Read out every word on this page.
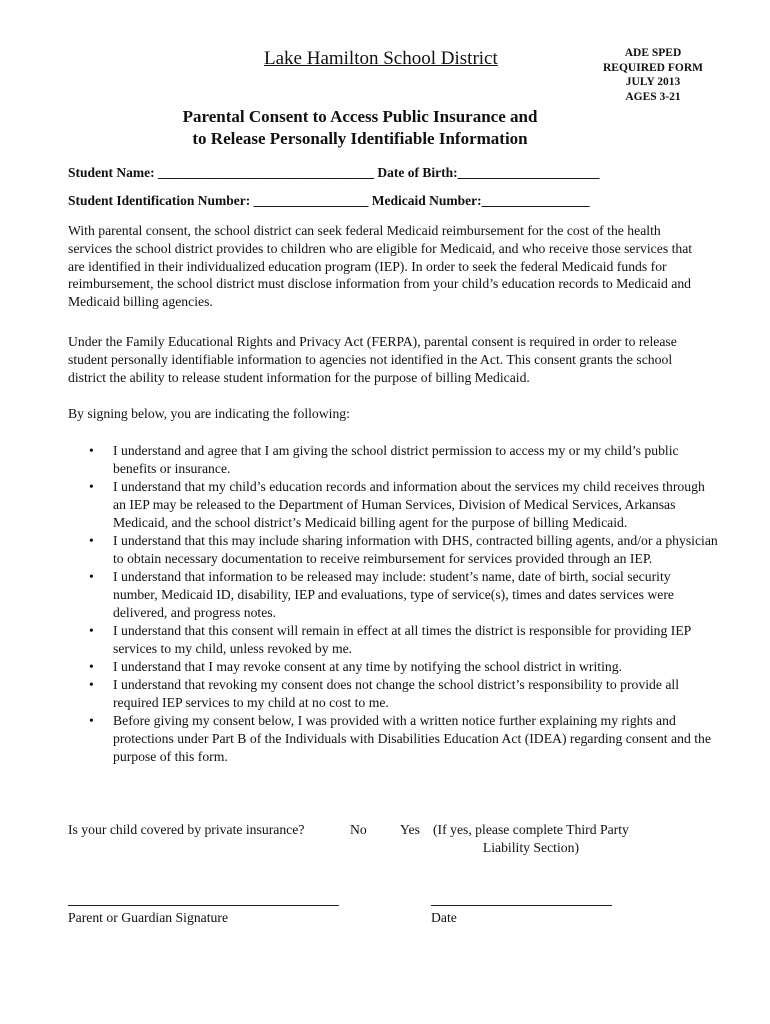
Lake Hamilton School District	ADE SPED
REQUIRED FORM
JULY 2013
AGES 3-21
Parental Consent to Access Public Insurance and
to Release Personally Identifiable Information
Student Name: ________________________________ Date of Birth:_____________________
Student Identification Number: _________________ Medicaid Number:________________

With parental consent, the school district can seek federal Medicaid reimbursement for the cost of the health services the school district provides to children who are eligible for Medicaid, and who receive those services that are identified in their individualized education program (IEP). In order to seek the federal Medicaid funds for reimbursement, the school district must disclose information from your child’s education records to Medicaid and Medicaid billing agencies.

Under the Family Educational Rights and Privacy Act (FERPA), parental consent is required in order to release student personally identifiable information to agencies not identified in the Act. This consent grants the school district the ability to release student information for the purpose of billing Medicaid.

By signing below, you are indicating the following:

• I understand and agree that I am giving the school district permission to access my or my child’s public benefits or insurance.
• I understand that my child’s education records and information about the services my child receives through an IEP may be released to the Department of Human Services, Division of Medical Services, Arkansas Medicaid, and the school district’s Medicaid billing agent for the purpose of billing Medicaid.
• I understand that this may include sharing information with DHS, contracted billing agents, and/or a physician to obtain necessary documentation to receive reimbursement for services provided through an IEP.
• I understand that information to be released may include: student’s name, date of birth, social security number, Medicaid ID, disability, IEP and evaluations, type of service(s), times and dates services were delivered, and progress notes.
• I understand that this consent will remain in effect at all times the district is responsible for providing IEP services to my child, unless revoked by me.
• I understand that I may revoke consent at any time by notifying the school district in writing.
• I understand that revoking my consent does not change the school district’s responsibility to provide all required IEP services to my child at no cost to me.
• Before giving my consent below, I was provided with a written notice further explaining my rights and protections under Part B of the Individuals with Disabilities Education Act (IDEA) regarding consent and the purpose of this form.
Is your child covered by private insurance?	No Yes (If yes, please complete Third Party
Liability Section)
Parent or Guardian Signature	Date
